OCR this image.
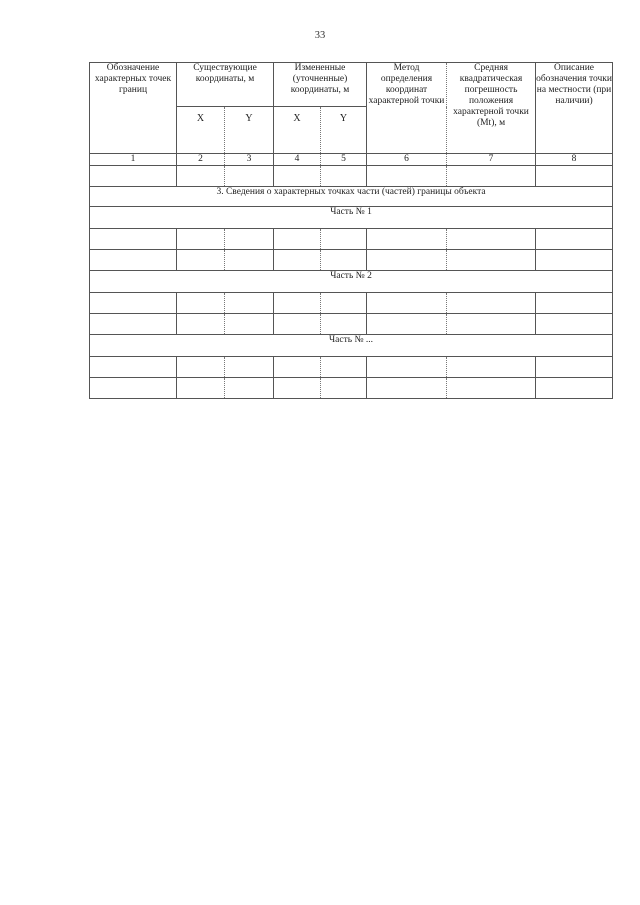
33
Обозначение характерных точек границ	Существующие координаты, м		Измененные (уточненные) координаты, м		Метод определения координат характерной точки	Средняя квадратическая погрешность положения характерной точки (Mt), м	Описание обозначения точки на местности (при наличии)
	X	Y	X	Y			
1	2	3	4	5	6	7	8

3. Сведения о характерных точках части (частей) границы объекта							
Часть № 1							

Часть № 2							

Часть № ...							
